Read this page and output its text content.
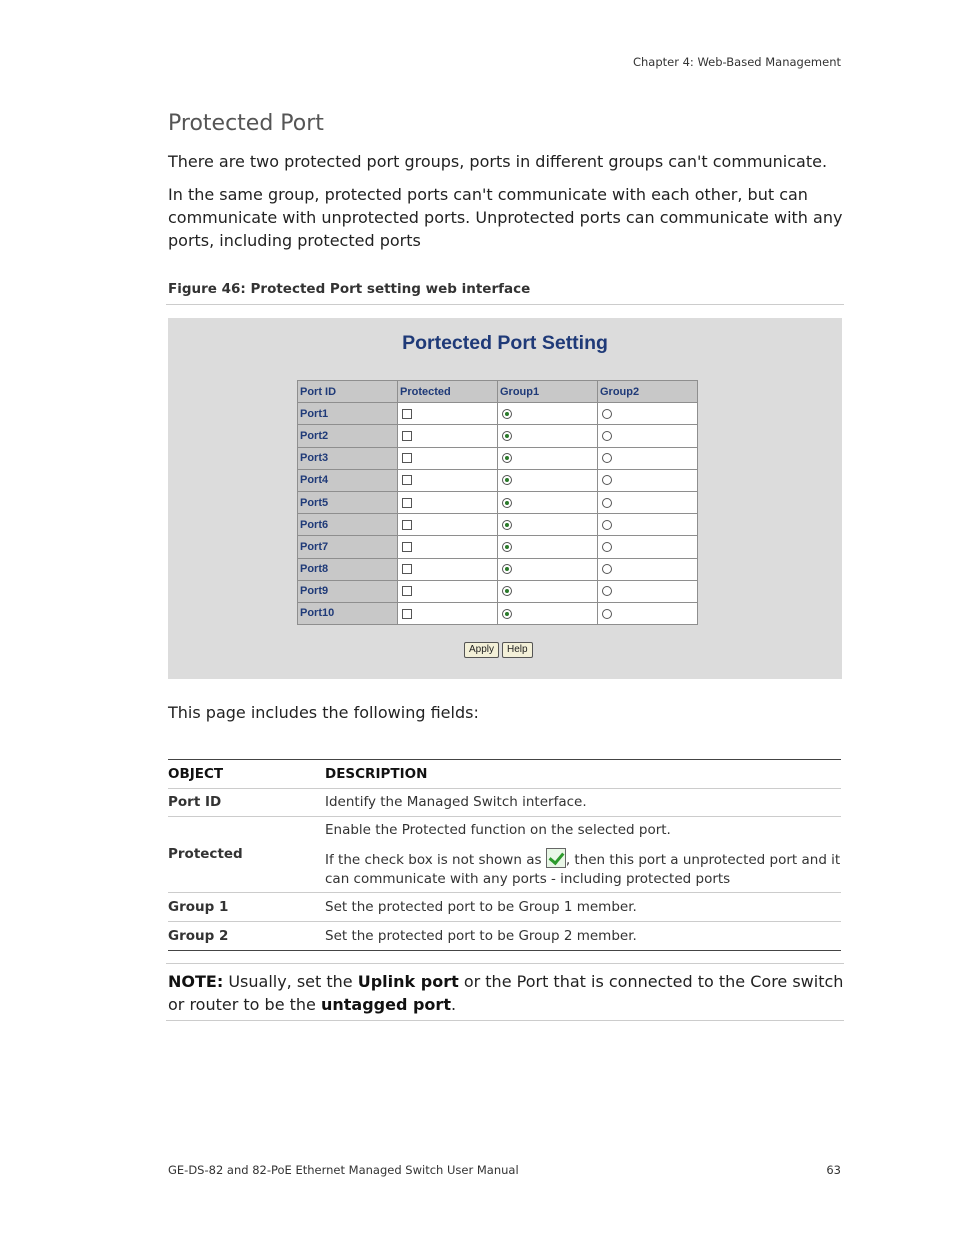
Chapter 4: Web-Based Management
Protected Port

There are two protected port groups, ports in different groups can't communicate.

In the same group, protected ports can't communicate with each other, but can communicate with unprotected ports. Unprotected ports can communicate with any ports, including protected ports

Figure 46: Protected Port setting web interface
Portected Port Setting
Port ID	Protected	Group1	Group2
Port1			
Port2			
Port3			
Port4			
Port5			
Port6			
Port7			
Port8			
Port9			
Port10			
Apply	Help
This page includes the following fields:
OBJECT	DESCRIPTION
Port ID	Identify the Managed Switch interface.
Protected	Enable the Protected function on the selected port.
If the check box is not shown as , then this port a unprotected port and it can communicate with any ports - including protected ports

Group 1	Set the protected port to be Group 1 member.
Group 2	Set the protected port to be Group 2 member.

NOTE: Usually, set the Uplink port or the Port that is connected to the Core switch or router to be the untagged port.

GE-DS-82 and 82-PoE Ethernet Managed Switch User Manual	63
